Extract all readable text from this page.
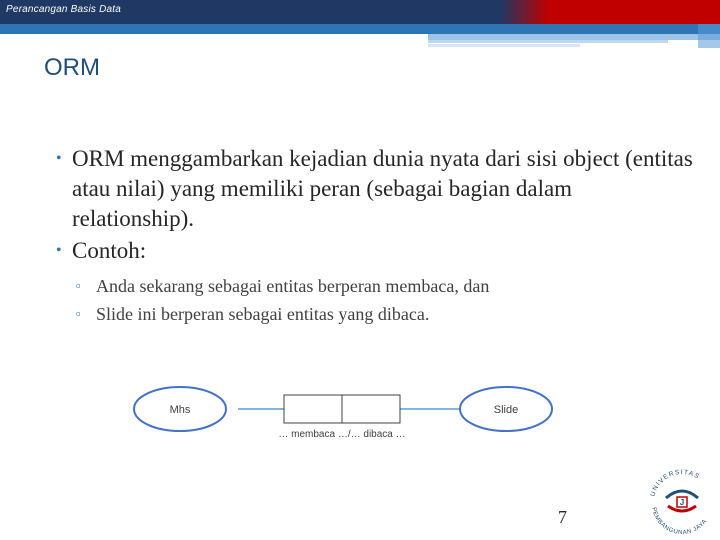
Perancangan Basis Data
ORM
• ORM menggambarkan kejadian dunia nyata dari sisi object (entitas atau nilai) yang memiliki peran (sebagai bagian dalam relationship).
• Contoh:
▫ Anda sekarang sebagai entitas berperan membaca, dan
▫ Slide ini berperan sebagai entitas yang dibaca.
Mhs	Slide
… membaca …/… dibaca …
7
UNIVERSITAS
PEMBANGUNAN JAYA
J
